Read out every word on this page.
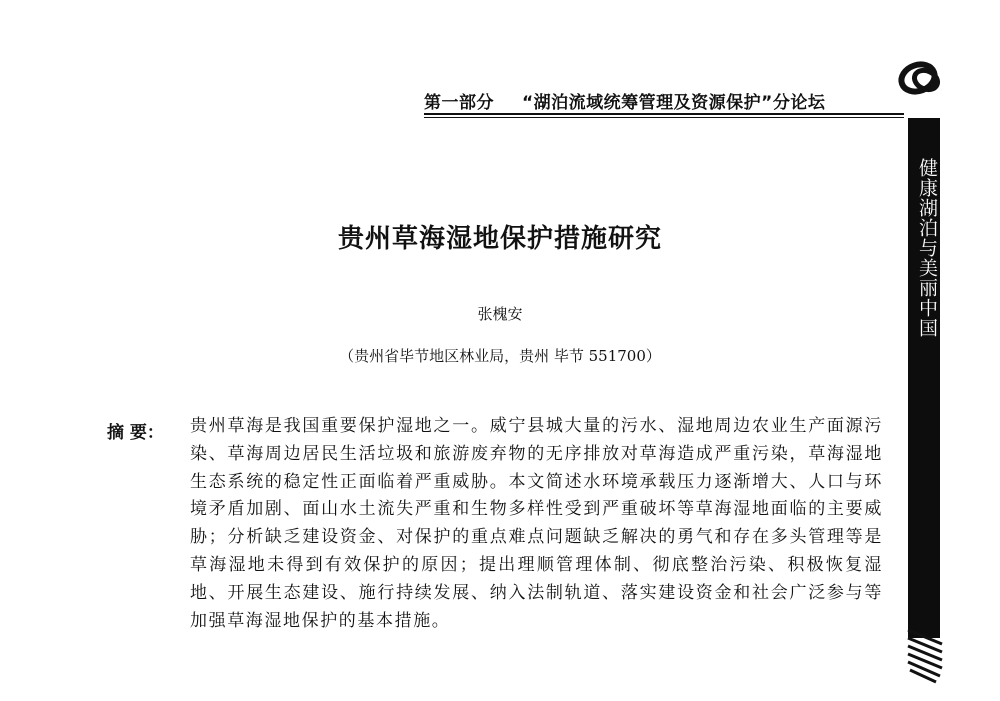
第一部分 “湖泊流域统筹管理及资源保护”分论坛
健康湖泊与美丽中国
贵州草海湿地保护措施研究
张槐安
（贵州省毕节地区林业局，贵州 毕节 551700）
摘 要： 贵州草海是我国重要保护湿地之一。威宁县城大量的污水、湿地周边农业生产面源污染、草海周边居民生活垃圾和旅游废弃物的无序排放对草海造成严重污染，草海湿地生态系统的稳定性正面临着严重威胁。本文简述水环境承载压力逐渐增大、人口与环境矛盾加剧、面山水土流失严重和生物多样性受到严重破坏等草海湿地面临的主要威胁；分析缺乏建设资金、对保护的重点难点问题缺乏解决的勇气和存在多头管理等是草海湿地未得到有效保护的原因；提出理顺管理体制、彻底整治污染、积极恢复湿地、开展生态建设、施行持续发展、纳入法制轨道、落实建设资金和社会广泛参与等加强草海湿地保护的基本措施。
